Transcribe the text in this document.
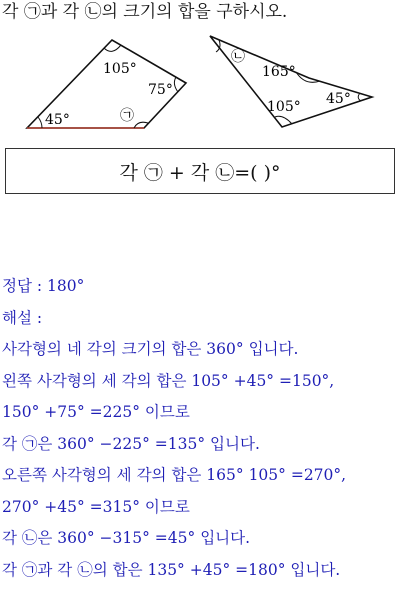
각 ㉠과 각 ㉡의 크기의 합을 구하시오.
105°
75°
45°	㉠
㉡
165°
105° 45°
각 ㉠ + 각 ㉡=( )°
정답 : 180°
해설 :
사각형의 네 각의 크기의 합은 360° 입니다.
왼쪽 사각형의 세 각의 합은 105° +45° =150°,
150° +75° =225° 이므로
각 ㉠은 360° −225° =135° 입니다.
오른쪽 사각형의 세 각의 합은 165° 105° =270°,
270° +45° =315° 이므로
각 ㉡은 360° −315° =45° 입니다.
각 ㉠과 각 ㉡의 합은 135° +45° =180° 입니다.
